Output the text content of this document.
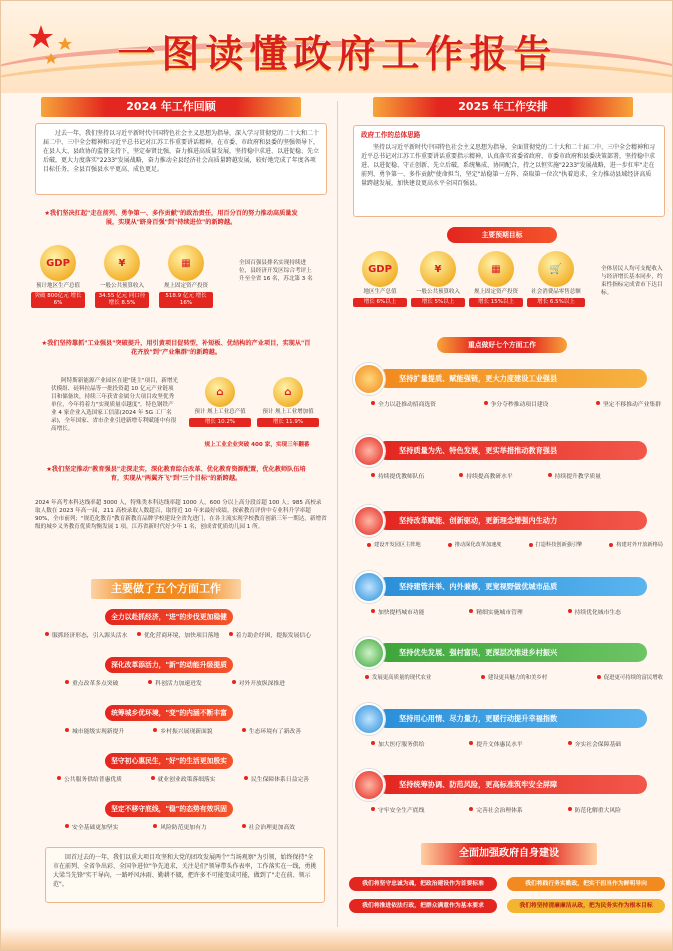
一图读懂政府工作报告
2024 年工作回顾
过去一年，我们坚持以习近平新时代中国特色社会主义思想为指导，深入学习贯彻党的二十大和二十届二中、三中全会精神和习近平总书记对江苏工作重要讲话精神，在市委、市政府和县委的坚强领导下，在县人大、县政协的监督支持下，坚定奉贤比强，奋力推进高质量发展，坚持稳中求进、以进促稳、先立后破，更大力度落实"2233"发展战略，奋力推动全县经济社会高质量跨越发展，较好地完成了年度各项目标任务，全县百强县水平更高、成色更足。
★我们坚决扛起"走在前列、勇争第一、多作贡献"的政治责任，用百分百的努力推动高质量发展，实现从"跻身百强"到"持续进位"的新跨越。
GDP
预计地区生产总值
突破 800亿元 增长 6%
¥
一般公共预算收入
34.55 亿元 同口径增长 8.5%
▦
规上固定资产投资
518.9 亿元 增长 16%
全国百强县排名实现持续进位，县经济开发区综合考评上升至全省 16 名，苏北第 3 名
★我们坚持靠抓"工业强县"突破提升，用引黄项目促转型，补短板、优结构的产业项目，实现从"百花齐放"到"产业集群"的新跨越。
阿特斯新能源产业园区在建"链主"项目，新增光伏模组、硅料拉晶等一批投资超 10 亿元产业链项目和储备块，持续三年获省金属分大项目攻坚优秀单位，今年将着力"实现质量卓越度"，特色钢铁产业 4 家企业入选国家工信部(2024 年 5G 工厂名录)，全年国家、省市企业引进新增专利赋能中有很高增长。
⌂
预计 规上工业总产值
增长 10.2%
⌂
预计 规上工业增加值
增长 11.9%
规上工业企业突破 400 家，实现三年翻番
★我们坚定推动"教育强县"走深走实，深化教育综合改革、优化教育资源配置，优化教师队伍培育，实现从"两翼齐飞"到"三个目标"的新跨越。
2024 年高考本科达线率超 3000 人，特殊类本科达线率超 1000 人，600 分以上高分段首超 100 人；985 高校录取人数在 2023 年高一届，211 高校录取人数超百，取得近 10 年来最好成绩。探索教育评价中专业科升学率超 90%，全市前列；"规范化教育"教育新教育品牌学校建设全省先进门，在各主流实现学校教育创新三年一期达，新增省级的城乡义务教育优质均衡发展 1 项，江苏省新时代好少年 1 名，创成省优质幼儿园 1 所。
主要做了五个方面工作
全力以赴抓经济，"进"的步伐更加稳健
服抓经济形态，引入源头活水	优化营商环境，加快项目落地	着力助企纾困，提振发展信心
深化改革添活力，"新"的动能升级提质
重点改革多点突破	科创活力加速迸发	对外开放纵深推进
统筹城乡优环境，"变"的内涵不断丰富
城市能级实现新提升	乡村振兴展现新面貌	生态环境有了新改善
坚守初心惠民生，"好"的生活更加殷实
公共服务供给普惠优质	就业创业政策落细落实	民生保障体系日益完善
坚定不移守底线，"稳"的态势有效巩固
安全基础更加坚实	风险防范更加有力	社会治理更加高效
回首过去的一年，我们以重大项目攻坚和大党的团攻发展两个"当场观察"为引领，始终保持"全市在前列、全省争出彩、全国争进位"争先追求，关注是们"领导带头作表率，工作落实在一线，勇挑大梁当先锋"实干导向，一路呼风沐雨、勤耕不辍，把许多不可能变成可能，做到了"走在前、领示范"。
2025 年工作安排
政府工作的总体思路
坚持以习近平新时代中国特色社会主义思想为指导，全面贯彻党的二十大和二十届二中、三中全会精神和习近平总书记对江苏工作重要讲话重要指示精神，认真落实省委省政府、市委市政府和县委决策部署，坚持稳中求进、以进促稳、守正创新、先立后破，系统集成、协同配合，持之以恒实施"2233"发展战略，进一步扛牢"走在前列、勇争第一、多作贡献"使命担当，坚定"站稳第一方阵、奋取第一位次"执着追求，全力推动县域经济高质量跨越发展，加快建设更高水平全国百强县。
主要预期目标
GDP
地区生产总值
增长 6%以上
¥
一般公共预算收入
增长 5%以上
▦
规上固定资产投资
增长 15%以上
🛒
社会消费品零售总额
增长 6.5%以上
全体居民人均可支配收入与经济增长基本同步，约束性指标完成省市下达目标。
重点做好七个方面工作
坚持扩量提质、赋能强链，更大力度建设工业强县
全力以赴推动招商选资	争分夺秒推动项目建设	坚定不移推动产业集群
坚持质量为先、特色发展，更实举措推动教育强县
持续提优教师队伍	持续提高教研水平	持续提升教学质量
坚持改革赋能、创新驱动，更新理念增强内生动力
建设开发园区主阵地	推动深化改革加速度	打造科技创新强引擎	构建对外开放新格局
坚持建管并举、内外兼修，更宽视野做优城市品质
加快提档城市功能	精细实施城市管理	持续优化城市生态
坚持优先发展、强村富民，更深层次推进乡村振兴
发展更高质量的现代农业	建设更具魅力的和美乡村	促进更可持续的富民增收
坚持用心用情、尽力量力，更暖行动提升幸福指数
加大医疗服务供给	提升文体惠民水平	夯实社会保障基础
坚持统筹协调、防范风险，更高标准筑牢安全屏障
守牢安全生产底线	完善社会治理体系	防范化解重大风险
全面加强政府自身建设
我们将坚守忠诚为魂，把政治建设作为首要标准	我们将践行务实勤政，把实干担当作为鲜明导向
我们将推进依法行政，把群众满意作为基本要求	我们将坚持清廉廉洁从政，把为民务实作为根本目标
